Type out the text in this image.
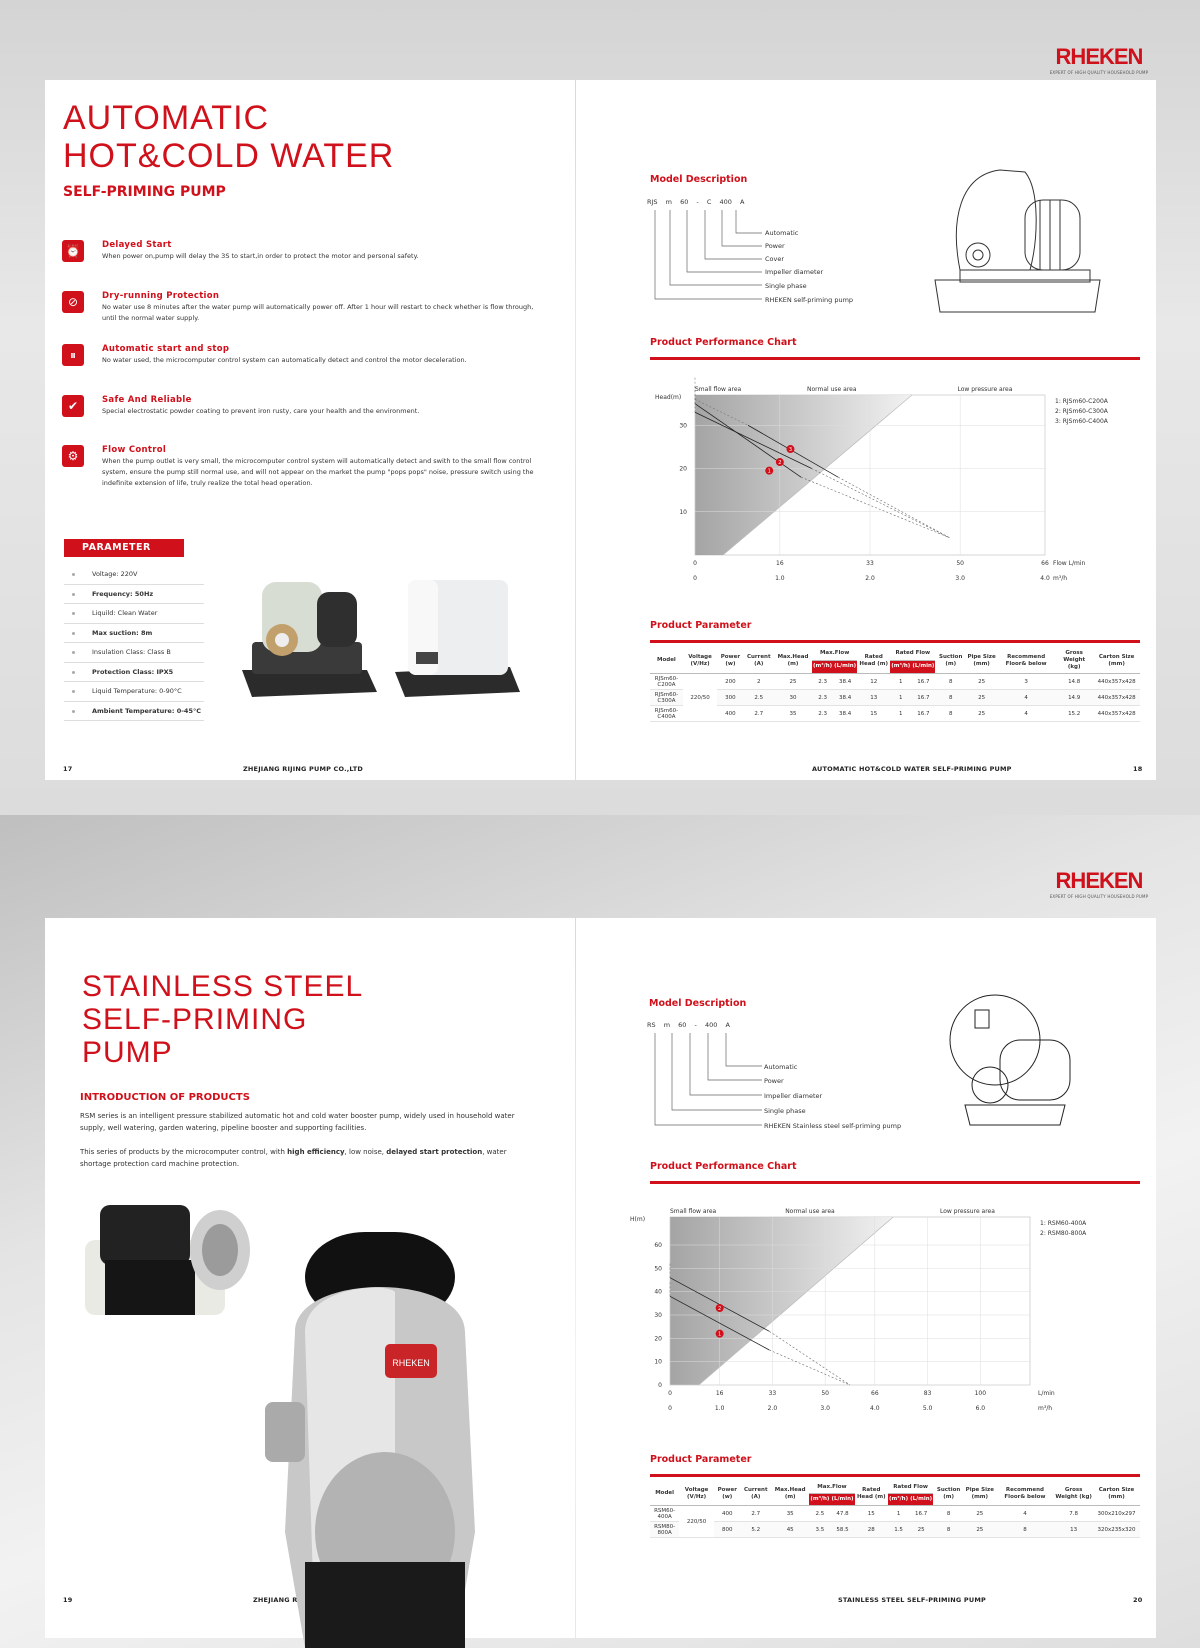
RHEKEN
EXPERT OF HIGH QUALITY HOUSEHOLD PUMP
AUTOMATIC
HOT&COLD WATER
SELF-PRIMING PUMP
⏰	Delayed Start
When power on,pump will delay the 3S to start,in order to protect the motor and personal safety.
⊘	Dry-running Protection
No water use 8 minutes after the water pump will automatically power off. After 1 hour will restart to check whether is flow through, until the normal water supply.
⏸	Automatic start and stop
No water used, the microcomputer control system can automatically detect and control the motor deceleration.
✔	Safe And Reliable
Special electrostatic powder coating to prevent iron rusty, care your health and the environment.
⚙	Flow Control
When the pump outlet is very small, the microcomputer control system will automatically detect and swith to the small flow control system, ensure the pump still normal use, and will not appear on the market the pump "pops pops" noise, pressure switch using the indefinite extension of life, truly realize the total head operation.
PARAMETER
Voltage: 220V
Frequency: 50Hz
Liquild: Clean Water
Max suction: 8m
Insulation Class: Class B
Protection Class: IPX5
Liquid Temperature: 0-90°C
Ambient Temperature: 0-45°C
Model Description
RJS m 60 - C 400 A
Automatic
Power
Cover
Impeller diameter
Single phase
RHEKEN self-priming pump
Product Performance Chart
0
0
16
1.0
33
2.0
50
3.0
66
4.0
10
20
30
Head(m)
Flow L/min
m³/h
Small flow area	Normal use area	Low pressure area
1: RJSm60-C200A
2: RJSm60-C300A
3: RJSm60-C400A
1
2
3
Product Parameter
Model	Voltage (V/Hz)	Power (w)	Current (A)	Max.Head (m)	Max.Flow		Rated Head (m)	Rated Flow		Suction (m)	Pipe Size (mm)	Recommend Floor& below	Gross Weight (kg)	Carton Size (mm)
					(m³/h)	(L/min)		(m³/h)	(L/min)					
RJSm60-C200A	220/50	200	2	25	2.3	38.4	12	1	16.7	8	25	3	14.8	440x357x428
RJSm60-C300A		300	2.5	30	2.3	38.4	13	1	16.7	8	25	4	14.9	440x357x428
RJSm60-C400A		400	2.7	35	2.3	38.4	15	1	16.7	8	25	4	15.2	440x357x428
17	ZHEJIANG RIJING PUMP CO.,LTD	AUTOMATIC HOT&COLD WATER SELF-PRIMING PUMP	18
RHEKEN
EXPERT OF HIGH QUALITY HOUSEHOLD PUMP
STAINLESS STEEL
SELF-PRIMING
PUMP
INTRODUCTION OF PRODUCTS

RSM series is an intelligent pressure stabilized automatic hot and cold water booster pump, widely used in household water supply, well watering, garden watering, pipeline booster and supporting facilities.

This series of products by the microcomputer control, with high efficiency, low noise, delayed start protection, water shortage protection card machine protection.

RHEKEN
Model Description
RS m 60 - 400 A
Automatic
Power
Impeller diameter
Single phase
RHEKEN Stainless steel self-priming pump
Product Performance Chart
0
0
16
1.0
33
2.0
50
3.0
66
4.0
83
5.0
100
6.0
0
10
20
30
40
50
60
H(m)
L/min
m³/h
Small flow area	Normal use area	Low pressure area
1: RSM60-400A
2: RSM80-800A
1
2
Product Parameter
Model	Voltage (V/Hz)	Power (w)	Current (A)	Max.Head (m)	Max.Flow		Rated Head (m)	Rated Flow		Suction (m)	Pipe Size (mm)	Recommend Floor& below	Gross Weight (kg)	Carton Size (mm)
					(m³/h)	(L/min)		(m³/h)	(L/min)					
RSM60-400A	220/50	400	2.7	35	2.5	47.8	15	1	16.7	8	25	4	7.8	300x210x297
RSM80-800A		800	5.2	45	3.5	58.5	28	1.5	25	8	25	8	13	320x235x320
19	ZHEJIANG R	STAINLESS STEEL SELF-PRIMING PUMP	20
